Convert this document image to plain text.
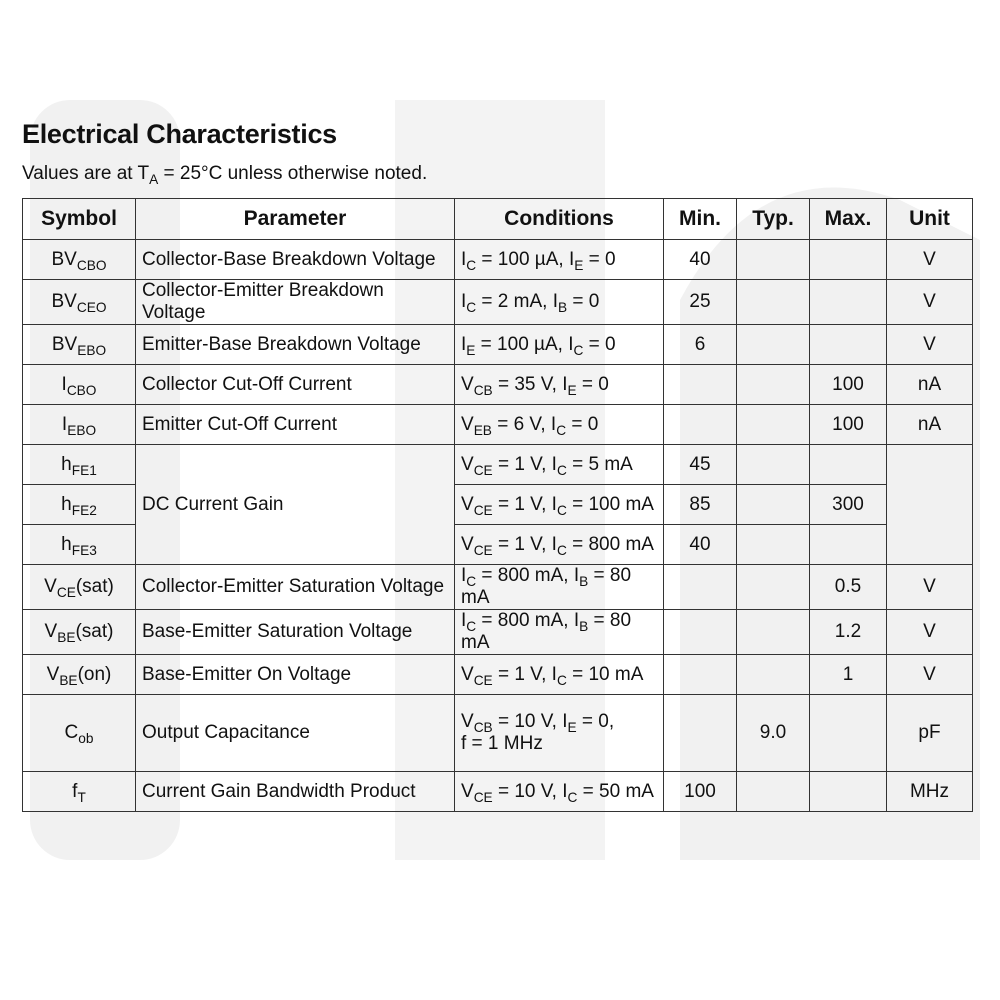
Electrical Characteristics
Values are at $T_A = 25^\circ C$ unless otherwise noted.
Symbol	Parameter	Conditions	Min.	Typ.	Max.	Unit
$BV_{CBO}$	Collector-Base Breakdown Voltage	$I_C = 100$ µA, $I_E = 0$	40			V
$BV_{CEO}$	Collector-Emitter Breakdown Voltage	$I_C = 2$ mA, $I_B = 0$	25			V
$BV_{EBO}$	Emitter-Base Breakdown Voltage	$I_E = 100$ µA, $I_C = 0$	6			V
$I_{CBO}$	Collector Cut-Off Current	$V_{CB} = 35$ V, $I_E = 0$			100	nA
$I_{EBO}$	Emitter Cut-Off Current	$V_{EB} = 6$ V, $I_C = 0$			100	nA
$h_{FE1}$	DC Current Gain	$V_{CE} = 1$ V, $I_C = 5$ mA	45			
$h_{FE2}$		$V_{CE} = 1$ V, $I_C = 100$ mA	85		300	
$h_{FE3}$		$V_{CE} = 1$ V, $I_C = 800$ mA	40			
$V_{CE}(sat)$	Collector-Emitter Saturation Voltage	$I_C = 800$ mA, $I_B = 80$ mA			0.5	V
$V_{BE}(sat)$	Base-Emitter Saturation Voltage	$I_C = 800$ mA, $I_B = 80$ mA			1.2	V
$V_{BE}(on)$	Base-Emitter On Voltage	$V_{CE} = 1$ V, $I_C = 10$ mA			1	V
$C_{ob}$	Output Capacitance	$V_{CB} = 10$ V, $I_E = 0$,
f = 1 MHz		9.0		pF
$f_T$	Current Gain Bandwidth Product	$V_{CE} = 10$ V, $I_C = 50$ mA	100			MHz
